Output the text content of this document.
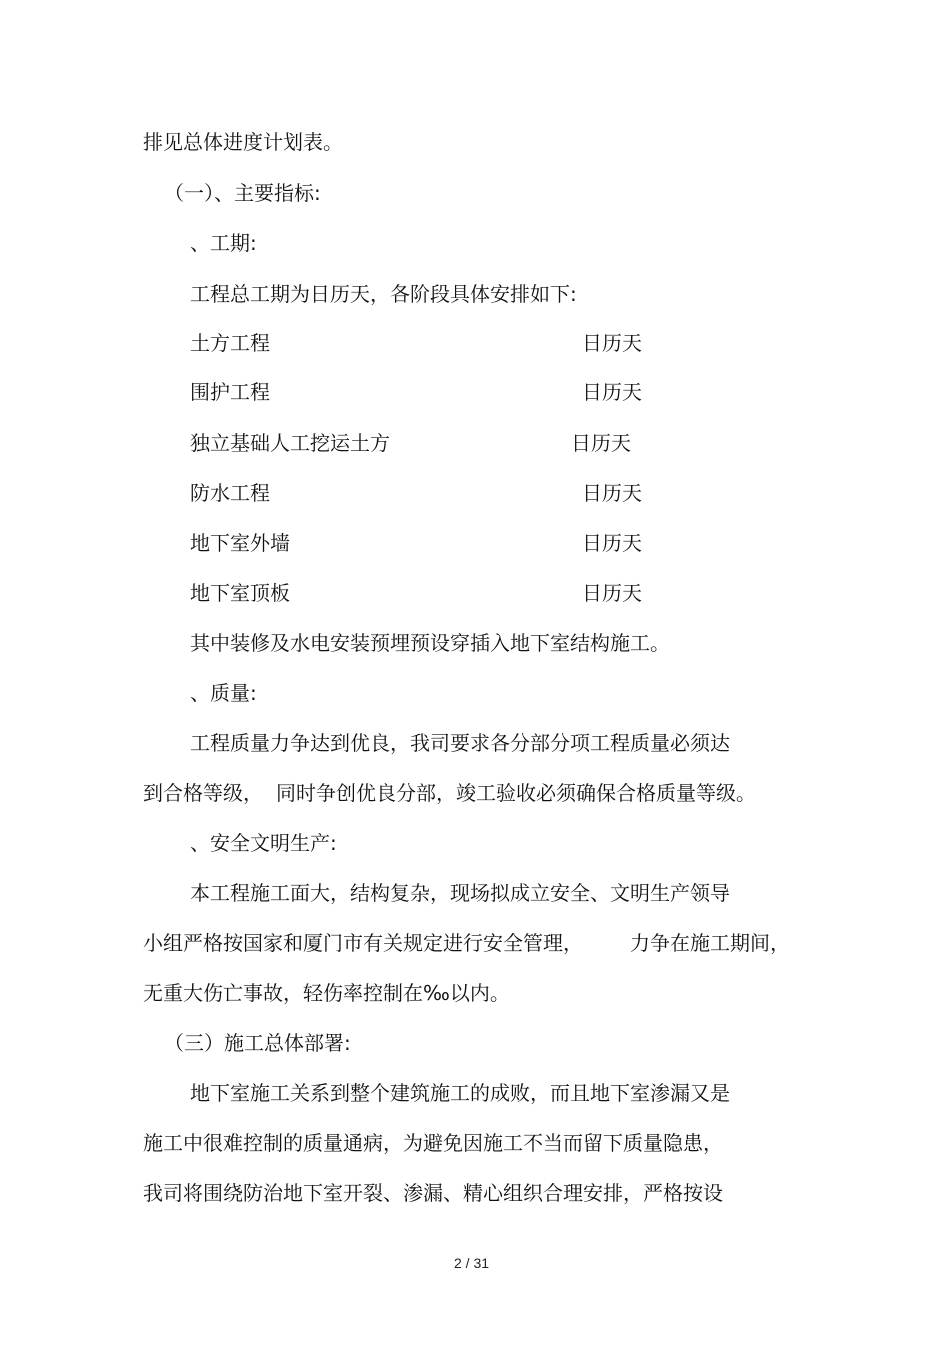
排见总体进度计划表。
（一）、主要指标:
、工期:
工程总工期为日历天，各阶段具体安排如下:
土方工程	日历天
围护工程	日历天
独立基础人工挖运土方	日历天
防水工程	日历天
地下室外墙	日历天
地下室顶板	日历天
其中装修及水电安装预埋预设穿插入地下室结构施工。
、质量:
工程质量力争达到优良，我司要求各分部分项工程质量必须达
到合格等级， 同时争创优良分部，竣工验收必须确保合格质量等级。
、安全文明生产:
本工程施工面大，结构复杂，现场拟成立安全、文明生产领导
小组严格按国家和厦门市有关规定进行安全管理， 力争在施工期间，
无重大伤亡事故，轻伤率控制在‰以内。
（三）施工总体部署:
地下室施工关系到整个建筑施工的成败，而且地下室渗漏又是
施工中很难控制的质量通病，为避免因施工不当而留下质量隐患，
我司将围绕防治地下室开裂、渗漏、精心组织合理安排，严格按设
2 / 31
